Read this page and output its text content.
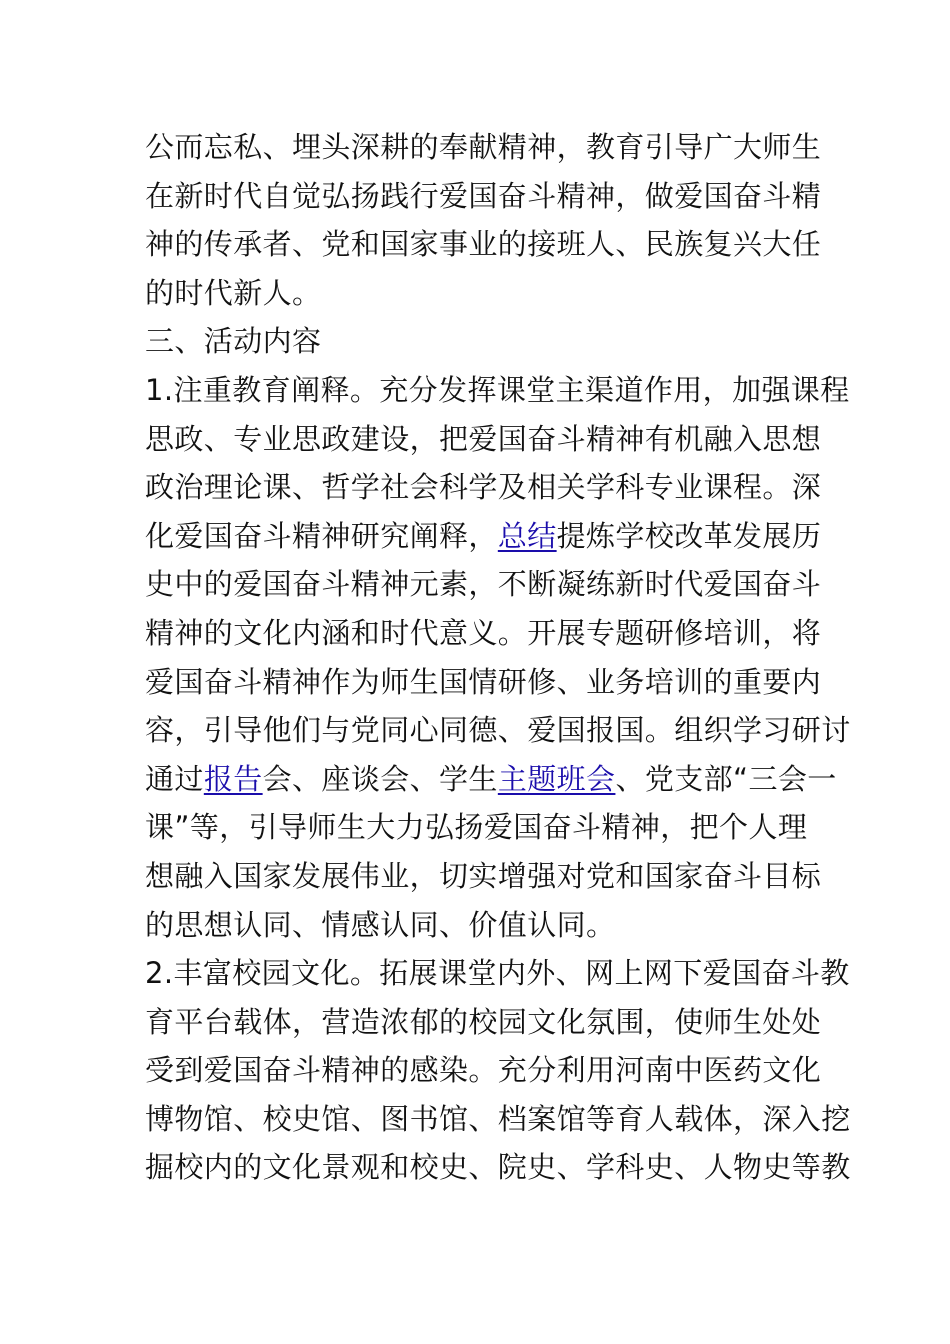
公而忘私、埋头深耕的奉献精神，教育引导广大师生
在新时代自觉弘扬践行爱国奋斗精神，做爱国奋斗精
神的传承者、党和国家事业的接班人、民族复兴大任
的时代新人。
三、活动内容
1.注重教育阐释。充分发挥课堂主渠道作用，加强课程
思政、专业思政建设，把爱国奋斗精神有机融入思想
政治理论课、哲学社会科学及相关学科专业课程。深
化爱国奋斗精神研究阐释，总结提炼学校改革发展历
史中的爱国奋斗精神元素，不断凝练新时代爱国奋斗
精神的文化内涵和时代意义。开展专题研修培训，将
爱国奋斗精神作为师生国情研修、业务培训的重要内
容，引导他们与党同心同德、爱国报国。组织学习研讨
通过报告会、座谈会、学生主题班会、党支部“三会一
课”等，引导师生大力弘扬爱国奋斗精神，把个人理
想融入国家发展伟业，切实增强对党和国家奋斗目标
的思想认同、情感认同、价值认同。
2.丰富校园文化。拓展课堂内外、网上网下爱国奋斗教
育平台载体，营造浓郁的校园文化氛围，使师生处处
受到爱国奋斗精神的感染。充分利用河南中医药文化
博物馆、校史馆、图书馆、档案馆等育人载体，深入挖
掘校内的文化景观和校史、院史、学科史、人物史等教
